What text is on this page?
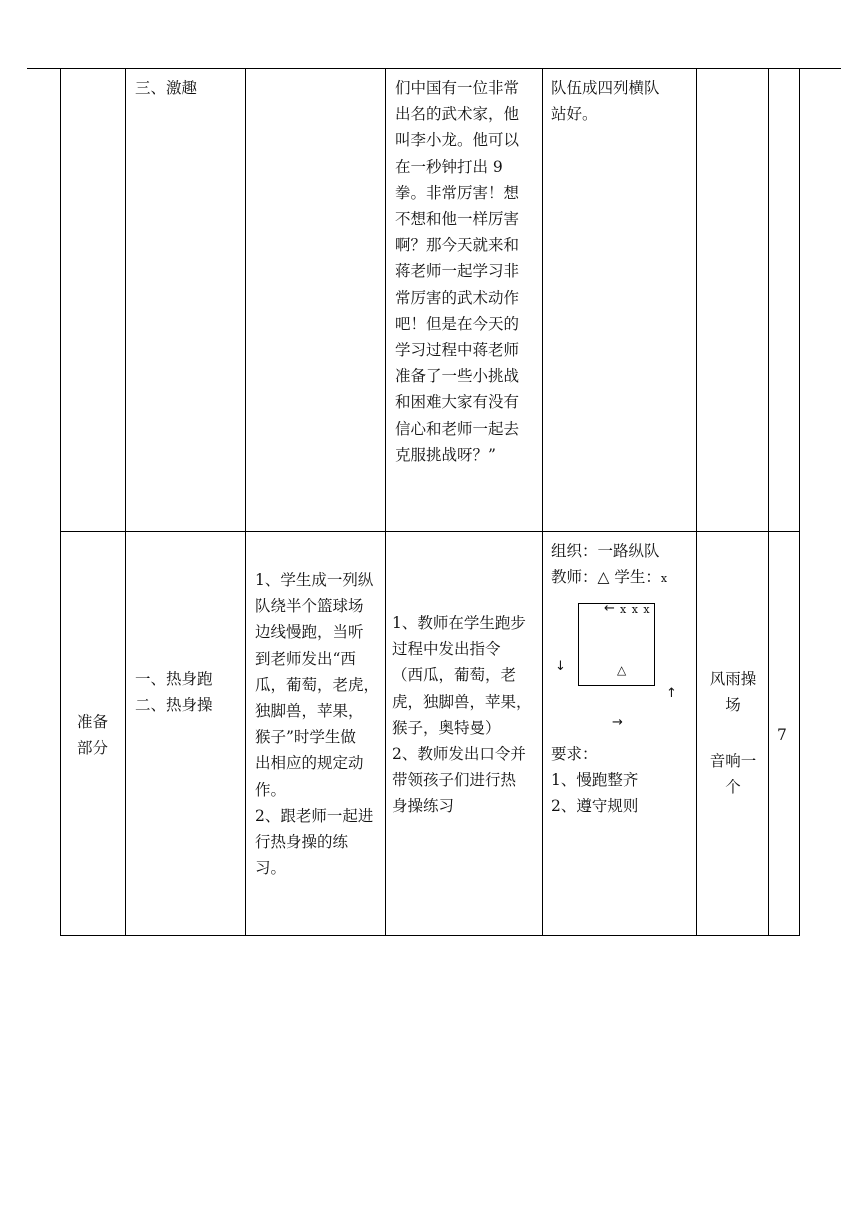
三、激趣	们中国有一位非常
出名的武术家，他
叫李小龙。他可以
在一秒钟打出 9
拳。非常厉害！想
不想和他一样厉害
啊？那今天就来和
蒋老师一起学习非
常厉害的武术动作
吧！但是在今天的
学习过程中蒋老师
准备了一些小挑战
和困难大家有没有
信心和老师一起去
克服挑战呀？”
队伍成四列横队
站好。
准备
部分
一、热身跑
二、热身操
1、学生成一列纵
队绕半个篮球场
边线慢跑，当听
到老师发出“西
瓜，葡萄，老虎，
独脚兽，苹果，
猴子”时学生做
出相应的规定动
作。
2、跟老师一起进
行热身操的练
习。
1、教师在学生跑步
过程中发出指令
（西瓜，葡萄，老
虎，独脚兽，苹果，
猴子，奥特曼）
2、教师发出口令并
带领孩子们进行热
身操练习
组织：一路纵队
教师：△ 学生：x
← x x x
△
↓
↑
→
要求：
1、慢跑整齐
2、遵守规则
风雨操
场
音响一
个
7
